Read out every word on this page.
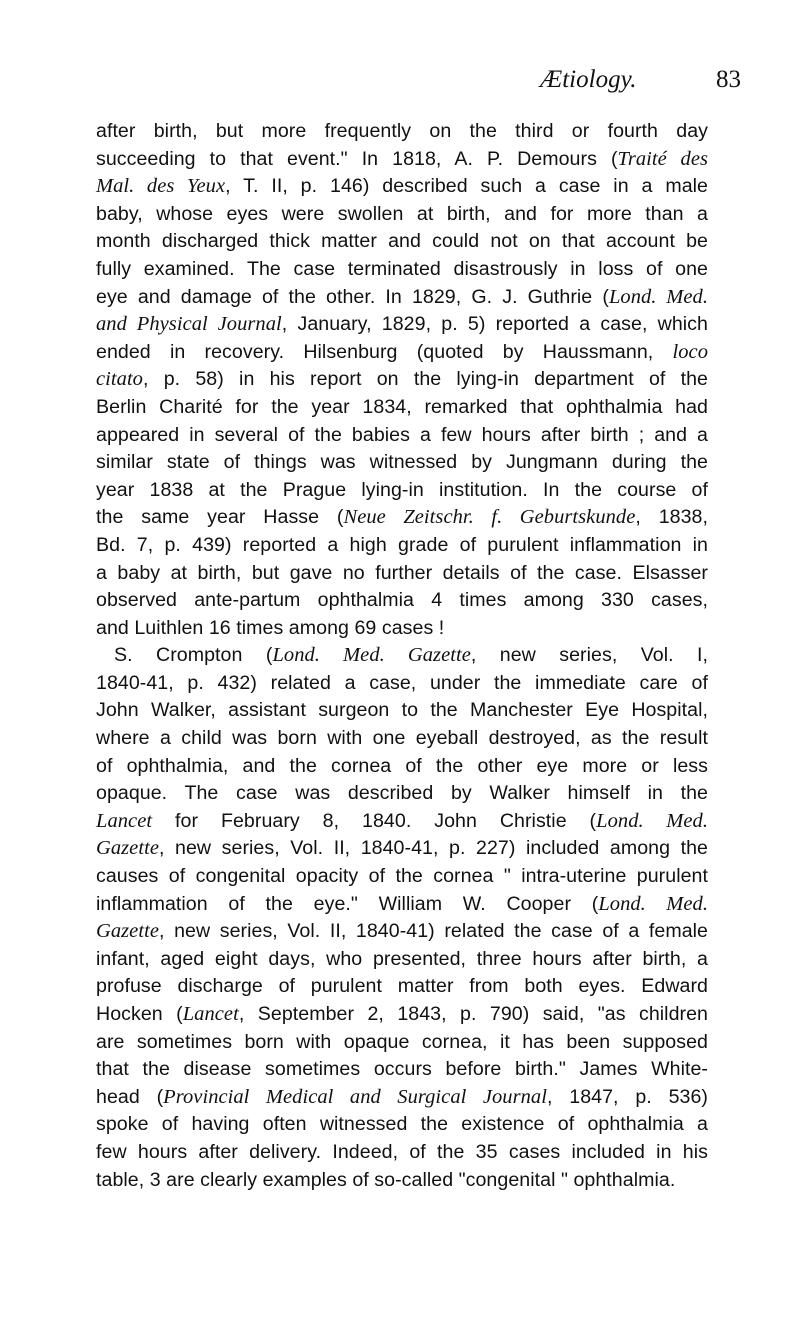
Ætiology.	83
after birth, but more frequently on the third or fourth day
succeeding to that event." In 1818, A. P. Demours (Traité des
Mal. des Yeux, T. II, p. 146) described such a case in a male
baby, whose eyes were swollen at birth, and for more than a
month discharged thick matter and could not on that account be
fully examined. The case terminated disastrously in loss of one
eye and damage of the other. In 1829, G. J. Guthrie (Lond. Med.
and Physical Journal, January, 1829, p. 5) reported a case, which
ended in recovery. Hilsenburg (quoted by Haussmann, loco
citato, p. 58) in his report on the lying-in department of the
Berlin Charité for the year 1834, remarked that ophthalmia had
appeared in several of the babies a few hours after birth ; and a
similar state of things was witnessed by Jungmann during the
year 1838 at the Prague lying-in institution. In the course of
the same year Hasse (Neue Zeitschr. f. Geburtskunde, 1838,
Bd. 7, p. 439) reported a high grade of purulent inflammation in
a baby at birth, but gave no further details of the case. Elsasser
observed ante-partum ophthalmia 4 times among 330 cases,
and Luithlen 16 times among 69 cases !
S. Crompton (Lond. Med. Gazette, new series, Vol. I,
1840-41, p. 432) related a case, under the immediate care of
John Walker, assistant surgeon to the Manchester Eye Hospital,
where a child was born with one eyeball destroyed, as the result
of ophthalmia, and the cornea of the other eye more or less
opaque. The case was described by Walker himself in the
Lancet for February 8, 1840. John Christie (Lond. Med.
Gazette, new series, Vol. II, 1840-41, p. 227) included among the
causes of congenital opacity of the cornea " intra-uterine purulent
inflammation of the eye." William W. Cooper (Lond. Med.
Gazette, new series, Vol. II, 1840-41) related the case of a female
infant, aged eight days, who presented, three hours after birth, a
profuse discharge of purulent matter from both eyes. Edward
Hocken (Lancet, September 2, 1843, p. 790) said, "as children
are sometimes born with opaque cornea, it has been supposed
that the disease sometimes occurs before birth." James White-
head (Provincial Medical and Surgical Journal, 1847, p. 536)
spoke of having often witnessed the existence of ophthalmia a
few hours after delivery. Indeed, of the 35 cases included in his
table, 3 are clearly examples of so-called "congenital " ophthalmia.
